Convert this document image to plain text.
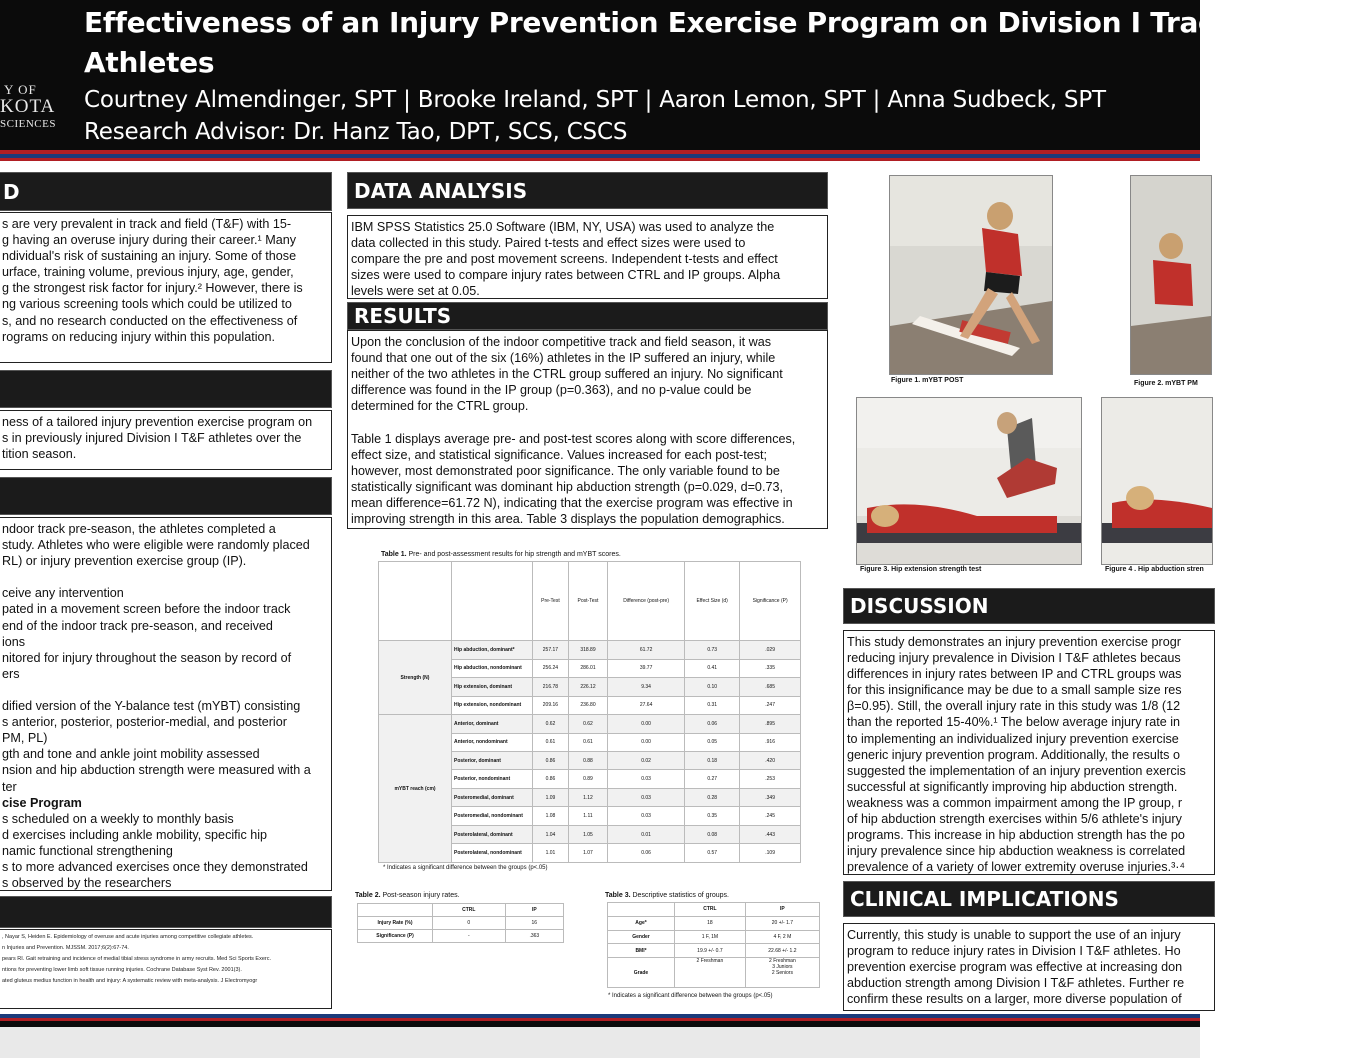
Y OF
KOTA
SCIENCES
Effectiveness of an Injury Prevention Exercise Program on Division I Track & Field
Athletes
Courtney Almendinger, SPT | Brooke Ireland, SPT | Aaron Lemon, SPT | Anna Sudbeck, SPT
Research Advisor: Dr. Hanz Tao, DPT, SCS, CSCS
D

s are very prevalent in track and field (T&F) with 15-

g having an overuse injury during their career.¹ Many

ndividual's risk of sustaining an injury. Some of those

urface, training volume, previous injury, age, gender,

g the strongest risk factor for injury.² However, there is

ng various screening tools which could be utilized to

s, and no research conducted on the effectiveness of

rograms on reducing injury within this population.

ness of a tailored injury prevention exercise program on

s in previously injured Division I T&F athletes over the

tition season.

ndoor track pre-season, the athletes completed a

study. Athletes who were eligible were randomly placed

RL) or injury prevention exercise group (IP).

ceive any intervention

pated in a movement screen before the indoor track

end of the indoor track pre-season, and received

ions

nitored for injury throughout the season by record of

ers

dified version of the Y-balance test (mYBT) consisting

s anterior, posterior, posterior-medial, and posterior

PM, PL)

gth and tone and ankle joint mobility assessed

nsion and hip abduction strength were measured with a

ter

cise Program

s scheduled on a weekly to monthly basis

d exercises including ankle mobility, specific hip

namic functional strengthening

s to more advanced exercises once they demonstrated

s observed by the researchers

, Nayar S, Heiden E. Epidemiology of overuse and acute injuries among competitive collegiate athletes.
n Injuries and Prevention. MJSSM. 2017;6(2):67-74.
pears RI. Gait retraining and incidence of medial tibial stress syndrome in army recruits. Med Sci Sports Exerc.
ntions for preventing lower limb soft tissue running injuries. Cochrane Database Syst Rev. 2001(3).
ated gluteus medius function in health and injury: A systematic review with meta-analysis. J Electromyogr
DATA ANALYSIS

IBM SPSS Statistics 25.0 Software (IBM, NY, USA) was used to analyze the

data collected in this study. Paired t-tests and effect sizes were used to

compare the pre and post movement screens. Independent t-tests and effect

sizes were used to compare injury rates between CTRL and IP groups. Alpha

levels were set at 0.05.

RESULTS

Upon the conclusion of the indoor competitive track and field season, it was

found that one out of the six (16%) athletes in the IP suffered an injury, while

neither of the two athletes in the CTRL group suffered an injury. No significant

difference was found in the IP group (p=0.363), and no p-value could be

determined for the CTRL group.

Table 1 displays average pre- and post-test scores along with score differences,

effect size, and statistical significance. Values increased for each post-test;

however, most demonstrated poor significance. The only variable found to be

statistically significant was dominant hip abduction strength (p=0.029, d=0.73,

mean difference=61.72 N), indicating that the exercise program was effective in

improving strength in this area. Table 3 displays the population demographics.

Table 1. Pre- and post-assessment results for hip strength and mYBT scores.
		Pre-Test	Post-Test	Difference (post-pre)	Effect Size (d)	Significance (P)
Strength (N)	Hip abduction, dominant*	257.17	318.89	61.72	0.73	.029
	Hip abduction, nondominant	256.24	286.01	39.77	0.41	.335
	Hip extension, dominant	216.78	226.12	9.34	0.10	.685
	Hip extension, nondominant	209.16	236.80	27.64	0.31	.247
mYBT reach (cm)	Anterior, dominant	0.62	0.62	0.00	0.06	.895
	Anterior, nondominant	0.61	0.61	0.00	0.05	.916
	Posterior, dominant	0.86	0.88	0.02	0.18	.420
	Posterior, nondominant	0.86	0.89	0.03	0.27	.253
	Posteromedial, dominant	1.09	1.12	0.03	0.28	.349
	Posteromedial, nondominant	1.08	1.11	0.03	0.35	.245
	Posterolateral, dominant	1.04	1.05	0.01	0.08	.443
	Posterolateral, nondominant	1.01	1.07	0.06	0.57	.109
* Indicates a significant difference between the groups (p<.05)
Table 2. Post-season injury rates.
	CTRL	IP
Injury Rate (%)	0	16
Significance (P)	-	.363
Table 3. Descriptive statistics of groups.
	CTRL	IP
Age*	18	20 +/- 1.7
Gender	1 F, 1M	4 F, 2 M
BMI*	19.9 +/- 0.7	22.68 +/- 1.2
Grade	2 Freshman	2 Freshman
3 Juniors
2 Seniors
* Indicates a significant difference between the groups (p<.05)
Figure 1. mYBT POST	Figure 2. mYBT PM
Figure 3. Hip extension strength test	Figure 4 . Hip abduction stren
DISCUSSION

This study demonstrates an injury prevention exercise progr

reducing injury prevalence in Division I T&F athletes becaus

differences in injury rates between IP and CTRL groups was

for this insignificance may be due to a small sample size res

β=0.95). Still, the overall injury rate in this study was 1/8 (12

than the reported 15-40%.¹ The below average injury rate in

to implementing an individualized injury prevention exercise

generic injury prevention program. Additionally, the results o

suggested the implementation of an injury prevention exercis

successful at significantly improving hip abduction strength.

weakness was a common impairment among the IP group, r

of hip abduction strength exercises within 5/6 athlete's injury

programs. This increase in hip abduction strength has the po

injury prevalence since hip abduction weakness is correlated

prevalence of a variety of lower extremity overuse injuries.³·⁴

CLINICAL IMPLICATIONS

Currently, this study is unable to support the use of an injury

program to reduce injury rates in Division I T&F athletes. Ho

prevention exercise program was effective at increasing don

abduction strength among Division I T&F athletes. Further re

confirm these results on a larger, more diverse population of
